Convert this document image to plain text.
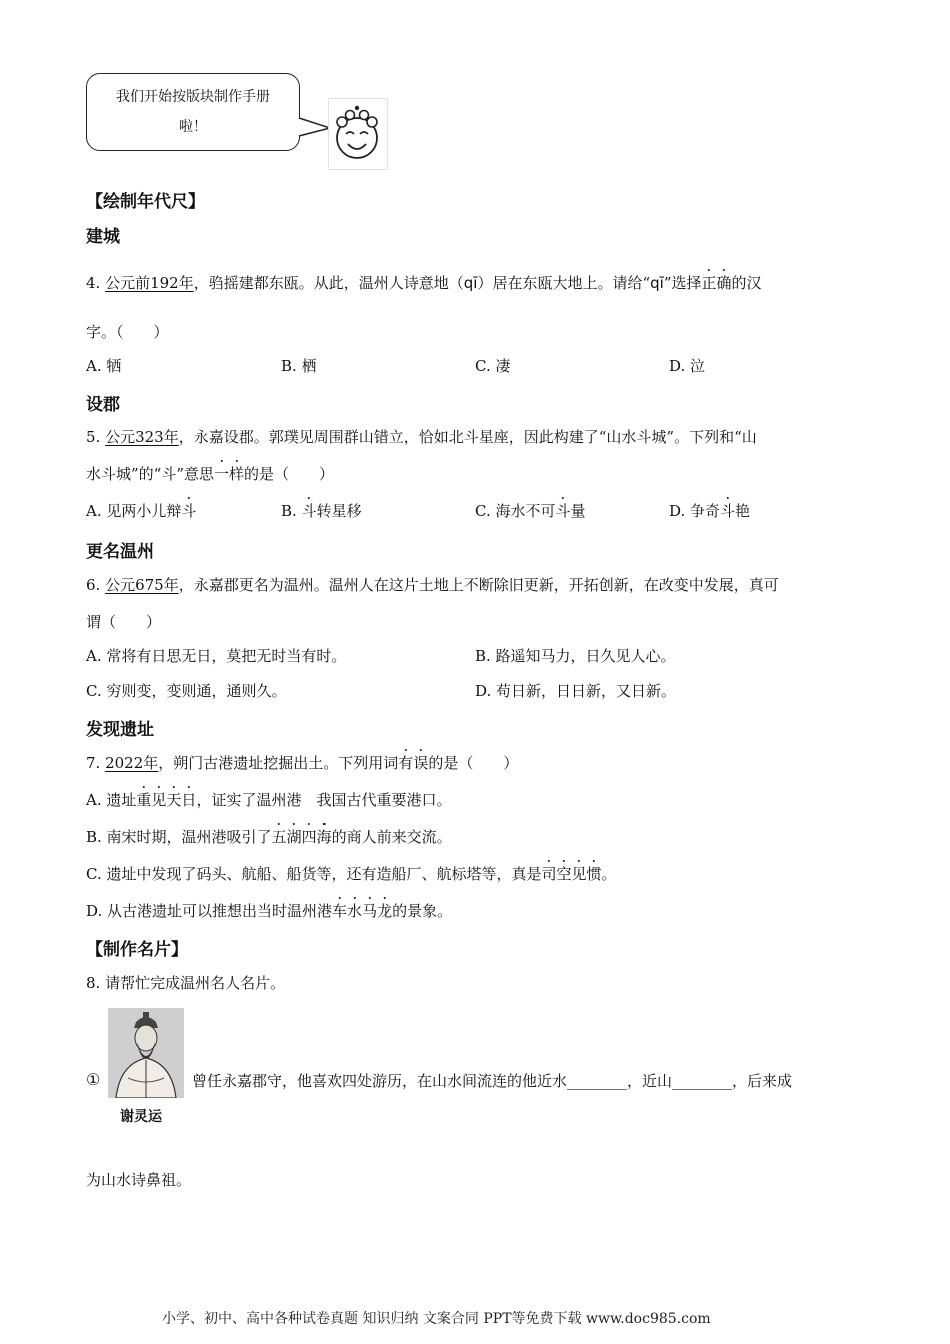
我们开始按版块制作手册
啦！
【绘制年代尺】
建城
4. 公元前192年，驺摇建都东瓯。从此，温州人诗意地（qī）居在东瓯大地上。请给“qī”选择正确的汉
字。（　　）
A. 牺	B. 栖	C. 凄	D. 泣
设郡
5. 公元323年，永嘉设郡。郭璞见周围群山错立，恰如北斗星座，因此构建了“山水斗城”。下列和“山
水斗城”的“斗”意思一样的是（　　）
A. 见两小儿辩斗	B. 斗转星移	C. 海水不可斗量	D. 争奇斗艳
更名温州
6. 公元675年，永嘉郡更名为温州。温州人在这片土地上不断除旧更新，开拓创新，在改变中发展，真可
谓（　　）
A. 常将有日思无日，莫把无时当有时。	B. 路遥知马力，日久见人心。
C. 穷则变，变则通，通则久。	D. 苟日新，日日新，又日新。
发现遗址
7. 2022年，朔门古港遗址挖掘出土。下列用词有误的是（　　）
A. 遗址重见天日，证实了温州港　我国古代重要港口。
B. 南宋时期，温州港吸引了五湖四海的商人前来交流。
C. 遗址中发现了码头、航船、船货等，还有造船厂、航标塔等，真是司空见惯。
D. 从古港遗址可以推想出当时温州港车水马龙的景象。
【制作名片】
8. 请帮忙完成温州名人名片。
①
谢灵运
曾任永嘉郡守，他喜欢四处游历，在山水间流连的他近水________，近山________，后来成
为山水诗鼻祖。
小学、初中、高中各种试卷真题 知识归纳 文案合同 PPT等免费下载 www.doc985.com
